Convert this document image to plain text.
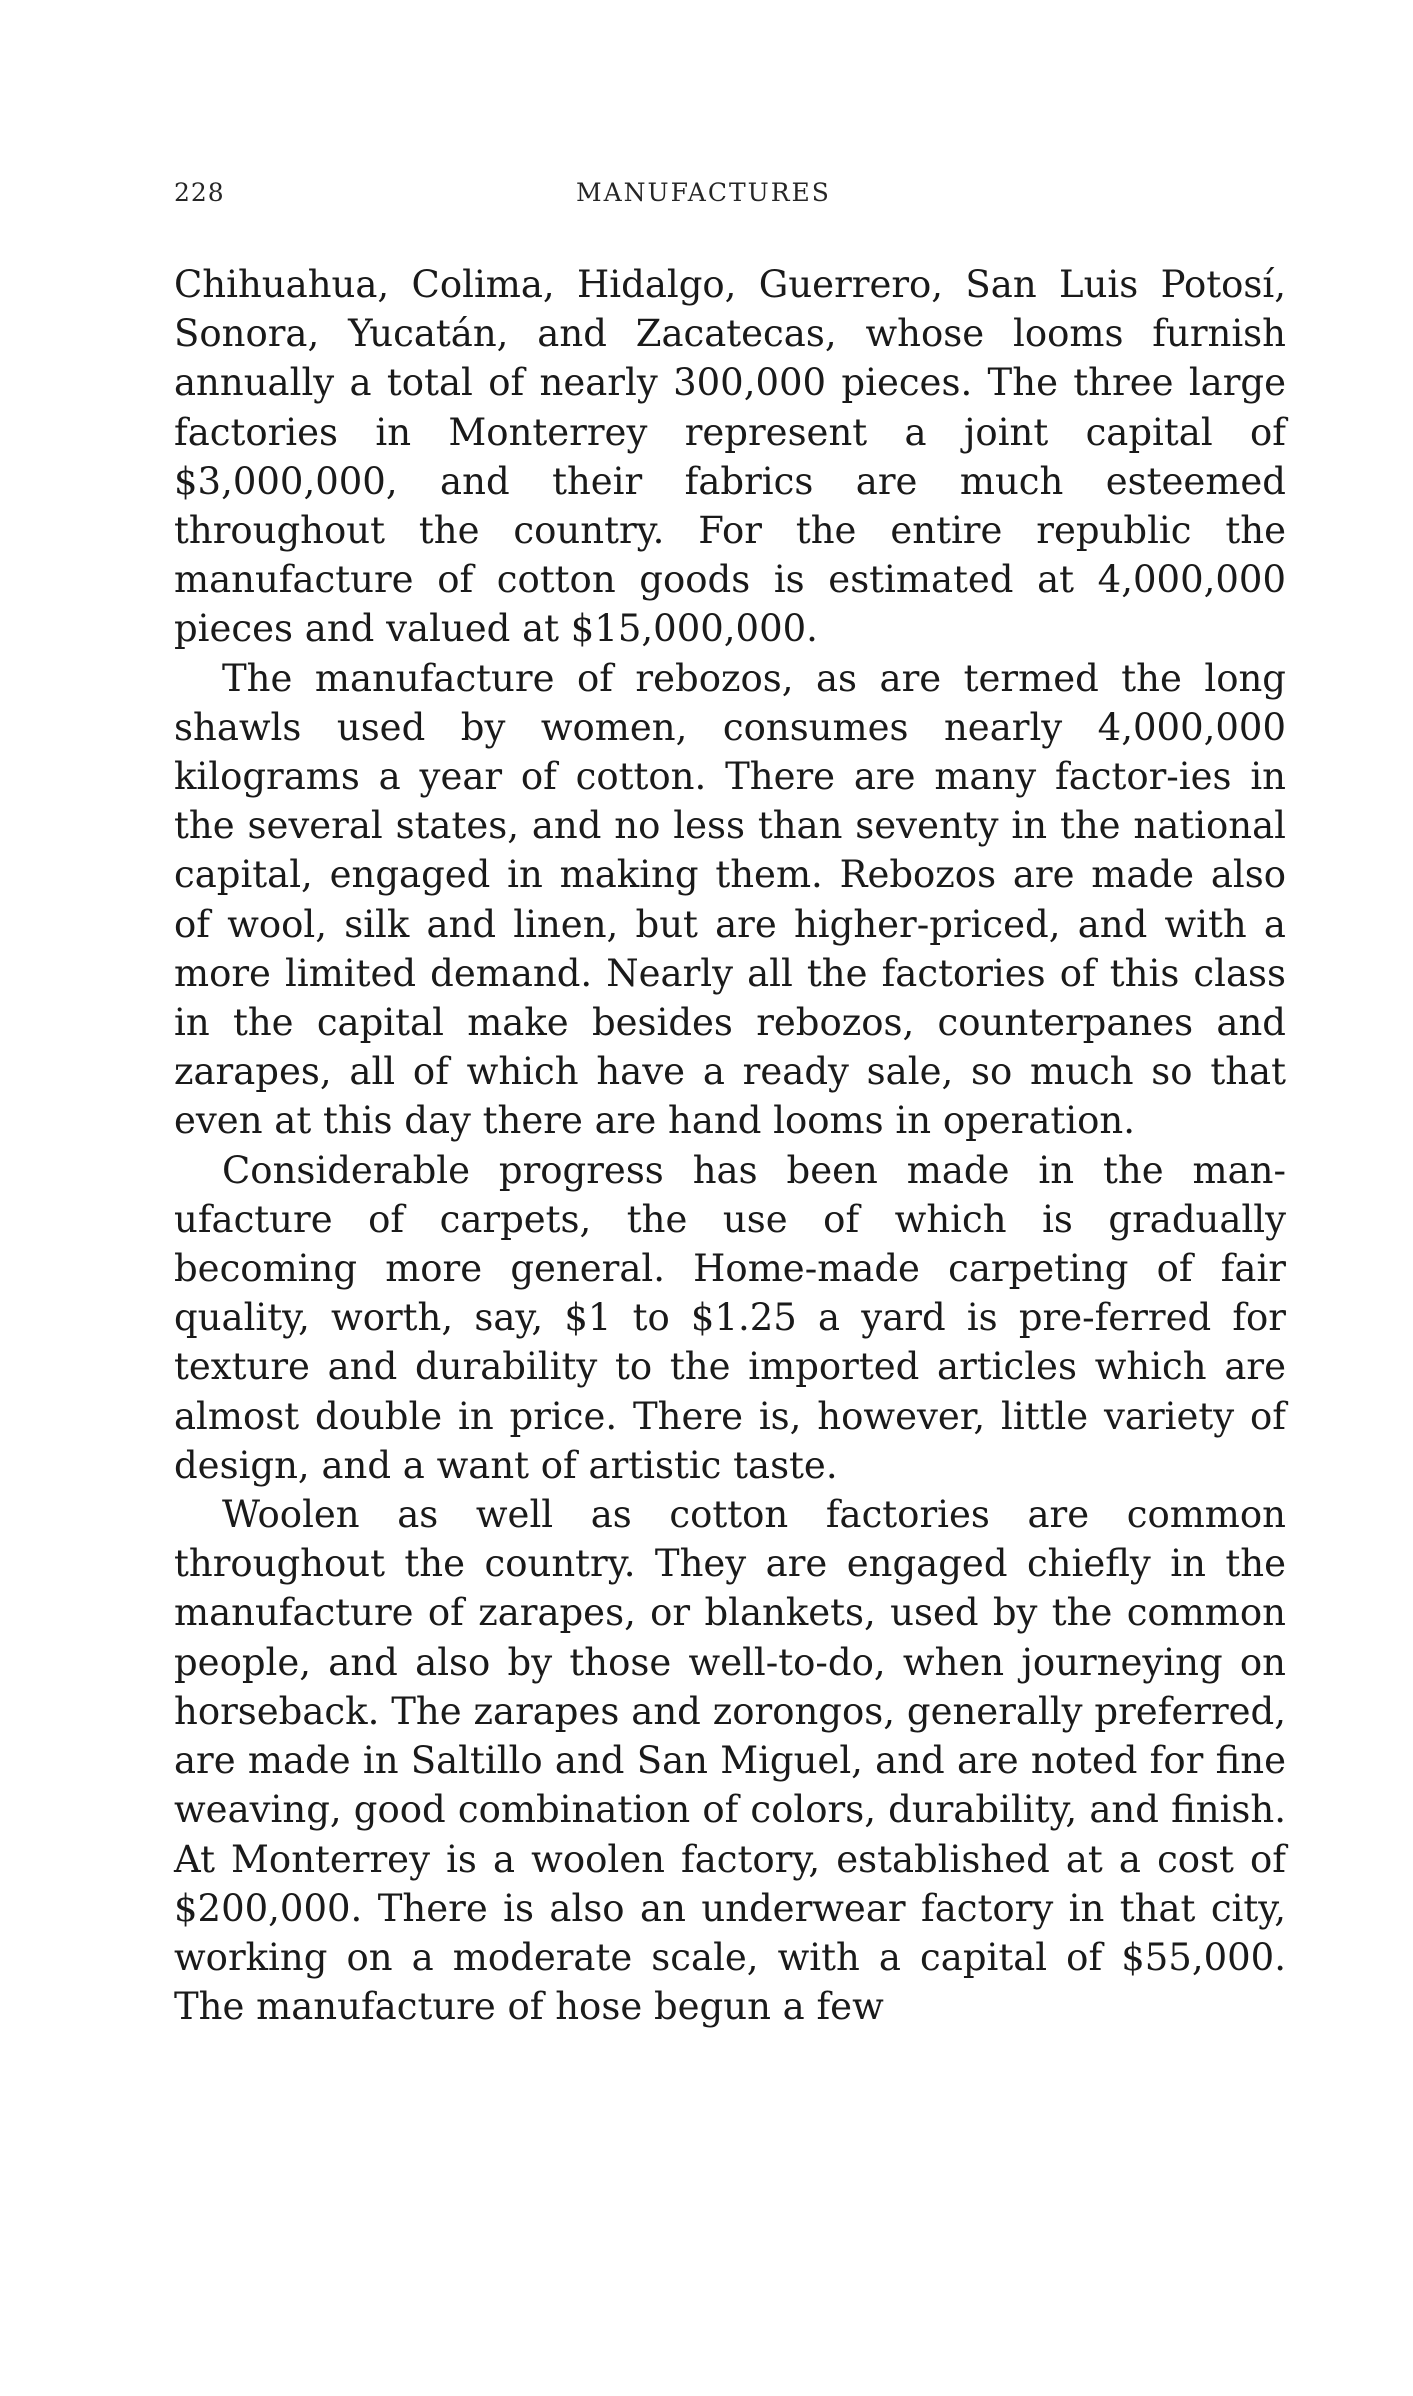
228	MANUFACTURES

Chihuahua, Colima, Hidalgo, Guerrero, San Luis Potosí, Sonora, Yucatán, and Zacatecas, whose looms furnish annually a total of nearly 300,000 pieces. The three large factories in Monterrey represent a joint capital of $3,000,000, and their fabrics are much esteemed throughout the country. For the entire republic the manufacture of cotton goods is estimated at 4,000,000 pieces and valued at $15,000,000.

The manufacture of rebozos, as are termed the long shawls used by women, consumes nearly 4,000,000 kilograms a year of cotton. There are many factor-ies in the several states, and no less than seventy in the national capital, engaged in making them. Rebozos are made also of wool, silk and linen, but are higher-priced, and with a more limited demand. Nearly all the factories of this class in the capital make besides rebozos, counterpanes and zarapes, all of which have a ready sale, so much so that even at this day there are hand looms in operation.

Considerable progress has been made in the man-ufacture of carpets, the use of which is gradually becoming more general. Home-made carpeting of fair quality, worth, say, $1 to $1.25 a yard is pre-ferred for texture and durability to the imported articles which are almost double in price. There is, however, little variety of design, and a want of artistic taste.

Woolen as well as cotton factories are common throughout the country. They are engaged chiefly in the manufacture of zarapes, or blankets, used by the common people, and also by those well-to-do, when journeying on horseback. The zarapes and zorongos, generally preferred, are made in Saltillo and San Miguel, and are noted for fine weaving, good combination of colors, durability, and finish. At Monterrey is a woolen factory, established at a cost of $200,000. There is also an underwear factory in that city, working on a moderate scale, with a capital of $55,000. The manufacture of hose begun a few
